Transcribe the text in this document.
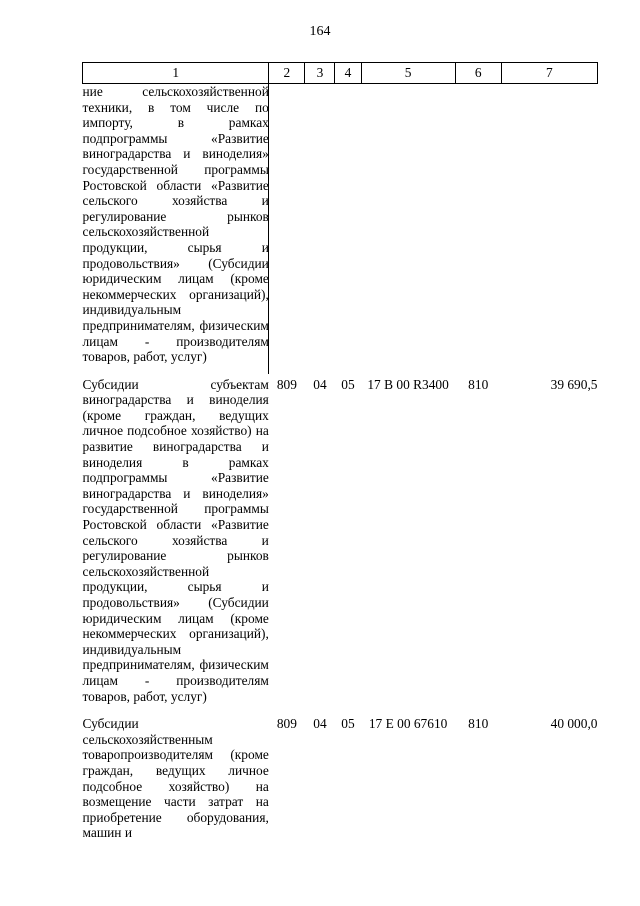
164
1	2	3	4	5	6	7
ние сельскохозяйственной техники, в том числе по импорту, в рамках подпрограммы «Развитие виноградарства и виноделия» государственной программы Ростовской области «Развитие сельского хозяйства и регулирование рынков сельскохозяйственной продукции, сырья и продовольствия» (Субсидии юридическим лицам (кроме некоммерческих организаций), индивидуальным предпринимателям, физическим лицам - производителям товаров, работ, услуг)						

Субсидии субъектам виноградарства и виноделия (кроме граждан, ведущих личное подсобное хозяйство) на развитие виноградарства и виноделия в рамках подпрограммы «Развитие виноградарства и виноделия» государственной программы Ростовской области «Развитие сельского хозяйства и регулирование рынков сельскохозяйственной продукции, сырья и продовольствия» (Субсидии юридическим лицам (кроме некоммерческих организаций), индивидуальным предпринимателям, физическим лицам - производителям товаров, работ, услуг)	809	04	05	17 В 00 R3400	810	39 690,5

Субсидии сельскохозяйственным товаропроизводителям (кроме граждан, ведущих личное подсобное хозяйство) на возмещение части затрат на приобретение оборудования, машин и	809	04	05	17 Е 00 67610	810	40 000,0
